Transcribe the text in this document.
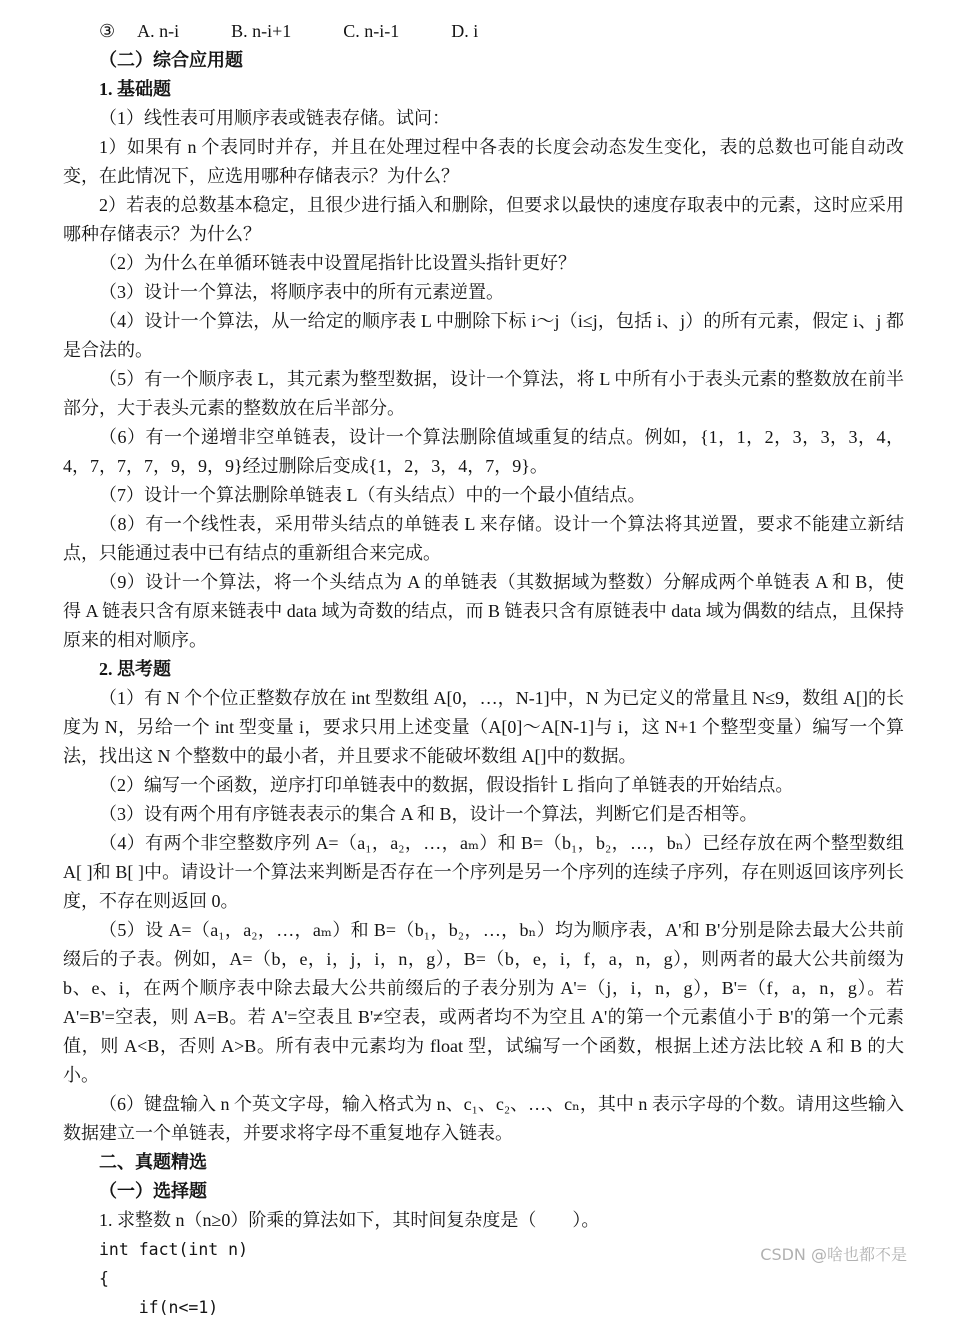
③ A. n-i	B. n-i+1	C. n-i-1	D. i

（二）综合应用题
1. 基础题

（1）线性表可用顺序表或链表存储。试问：

1）如果有 n 个表同时并存，并且在处理过程中各表的长度会动态发生变化，表的总数也可能自动改变，在此情况下，应选用哪种存储表示？为什么？

2）若表的总数基本稳定，且很少进行插入和删除，但要求以最快的速度存取表中的元素，这时应采用哪种存储表示？为什么？

（2）为什么在单循环链表中设置尾指针比设置头指针更好？

（3）设计一个算法，将顺序表中的所有元素逆置。

（4）设计一个算法，从一给定的顺序表 L 中删除下标 i～j（i≤j，包括 i、j）的所有元素，假定 i、j 都是合法的。

（5）有一个顺序表 L，其元素为整型数据，设计一个算法，将 L 中所有小于表头元素的整数放在前半部分，大于表头元素的整数放在后半部分。

（6）有一个递增非空单链表，设计一个算法删除值域重复的结点。例如，{1，1，2，3，3，3，4，4，7，7，7，9，9，9}经过删除后变成{1，2，3，4，7，9}。

（7）设计一个算法删除单链表 L（有头结点）中的一个最小值结点。

（8）有一个线性表，采用带头结点的单链表 L 来存储。设计一个算法将其逆置，要求不能建立新结点，只能通过表中已有结点的重新组合来完成。

（9）设计一个算法，将一个头结点为 A 的单链表（其数据域为整数）分解成两个单链表 A 和 B，使得 A 链表只含有原来链表中 data 域为奇数的结点，而 B 链表只含有原链表中 data 域为偶数的结点，且保持原来的相对顺序。

2. 思考题

（1）有 N 个个位正整数存放在 int 型数组 A[0，…，N-1]中，N 为已定义的常量且 N≤9，数组 A[]的长度为 N，另给一个 int 型变量 i，要求只用上述变量（A[0]～A[N-1]与 i，这 N+1 个整型变量）编写一个算法，找出这 N 个整数中的最小者，并且要求不能破坏数组 A[]中的数据。

（2）编写一个函数，逆序打印单链表中的数据，假设指针 L 指向了单链表的开始结点。

（3）设有两个用有序链表表示的集合 A 和 B，设计一个算法，判断它们是否相等。

（4）有两个非空整数序列 A=（a₁，a₂，…，aₘ）和 B=（b₁，b₂，…，bₙ）已经存放在两个整型数组 A[ ]和 B[ ]中。请设计一个算法来判断是否存在一个序列是另一个序列的连续子序列，存在则返回该序列长度，不存在则返回 0。

（5）设 A=（a₁，a₂，…，aₘ）和 B=（b₁，b₂，…，bₙ）均为顺序表，A'和 B'分别是除去最大公共前缀后的子表。例如，A=（b，e，i，j，i，n，g），B=（b，e，i，f，a，n，g），则两者的最大公共前缀为 b、e、i，在两个顺序表中除去最大公共前缀后的子表分别为 A'=（j，i，n，g），B'=（f，a，n，g）。若 A'=B'=空表，则 A=B。若 A'=空表且 B'≠空表，或两者均不为空且 A'的第一个元素值小于 B'的第一个元素值，则 A<B，否则 A>B。所有表中元素均为 float 型，试编写一个函数，根据上述方法比较 A 和 B 的大小。

（6）键盘输入 n 个英文字母，输入格式为 n、c₁、c₂、…、cₙ，其中 n 表示字母的个数。请用这些输入数据建立一个单链表，并要求将字母不重复地存入链表。

二、真题精选
（一）选择题

1. 求整数 n（n≥0）阶乘的算法如下，其时间复杂度是（　　）。

int fact(int n)
{
if(n<=1)
CSDN @啥也都不是
